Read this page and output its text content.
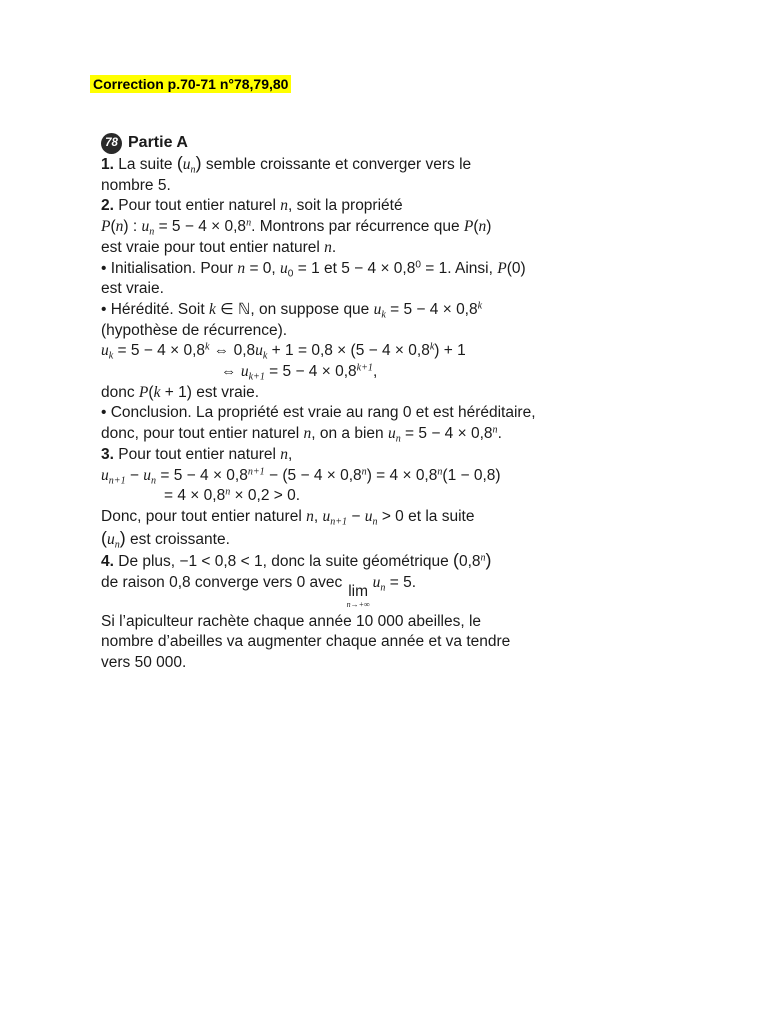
Correction p.70-71 n°78,79,80
78 Partie A
1. La suite $(u_n)$ semble croissante et converger vers le
nombre 5.
2. Pour tout entier naturel n, soit la propriété
P(n) : $u_n = 5 - 4 \times 0,8^n$. Montrons par récurrence que P(n)
est vraie pour tout entier naturel n.
• Initialisation. Pour n = 0, $u_0 = 1$ et $5 - 4 \times 0,8^0 = 1$. Ainsi, P(0)
est vraie.
• Hérédité. Soit k ∈ ℕ, on suppose que $u_k = 5 - 4 \times 0,8^k$
(hypothèse de récurrence).
$u_k = 5 - 4 \times 0,8^k$ ⇔ $0,8u_k + 1 = 0,8 \times (5 - 4 \times 0,8^k) + 1$
⇔ $u_{k+1} = 5 - 4 \times 0,8^{k+1}$,
donc P(k + 1) est vraie.
• Conclusion. La propriété est vraie au rang 0 et est héréditaire,
donc, pour tout entier naturel n, on a bien $u_n = 5 - 4 \times 0,8^n$.
3. Pour tout entier naturel n,
$u_{n+1} - u_n = 5 - 4 \times 0,8^{n+1} - (5 - 4 \times 0,8^n) = 4 \times 0,8^n(1 - 0,8)$
= $4 \times 0,8^n \times 0,2 > 0$.
Donc, pour tout entier naturel n, $u_{n+1} - u_n > 0$ et la suite
$(u_n)$ est croissante.
4. De plus, −1 < 0,8 < 1, donc la suite géométrique (0,8$^n$)
de raison 0,8 converge vers 0 avec
lim
n→+∞
$u_n = 5$.
Si l’apiculteur rachète chaque année 10 000 abeilles, le
nombre d’abeilles va augmenter chaque année et va tendre
vers 50 000.
